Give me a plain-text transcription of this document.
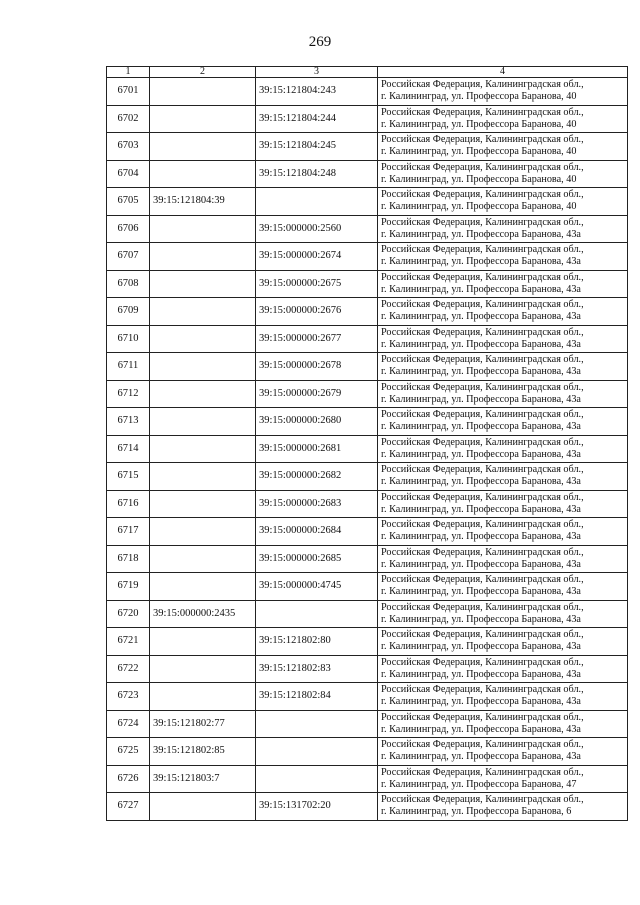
269
1	2	3	4
6701		39:15:121804:243	Российская Федерация, Калининградская обл.,
г. Калининград, ул. Профессора Баранова, 40

6702		39:15:121804:244	Российская Федерация, Калининградская обл.,
г. Калининград, ул. Профессора Баранова, 40

6703		39:15:121804:245	Российская Федерация, Калининградская обл.,
г. Калининград, ул. Профессора Баранова, 40

6704		39:15:121804:248	Российская Федерация, Калининградская обл.,
г. Калининград, ул. Профессора Баранова, 40

6705	39:15:121804:39		Российская Федерация, Калининградская обл.,
г. Калининград, ул. Профессора Баранова, 40

6706		39:15:000000:2560	Российская Федерация, Калининградская обл.,
г. Калининград, ул. Профессора Баранова, 43а

6707		39:15:000000:2674	Российская Федерация, Калининградская обл.,
г. Калининград, ул. Профессора Баранова, 43а

6708		39:15:000000:2675	Российская Федерация, Калининградская обл.,
г. Калининград, ул. Профессора Баранова, 43а

6709		39:15:000000:2676	Российская Федерация, Калининградская обл.,
г. Калининград, ул. Профессора Баранова, 43а

6710		39:15:000000:2677	Российская Федерация, Калининградская обл.,
г. Калининград, ул. Профессора Баранова, 43а

6711		39:15:000000:2678	Российская Федерация, Калининградская обл.,
г. Калининград, ул. Профессора Баранова, 43а

6712		39:15:000000:2679	Российская Федерация, Калининградская обл.,
г. Калининград, ул. Профессора Баранова, 43а

6713		39:15:000000:2680	Российская Федерация, Калининградская обл.,
г. Калининград, ул. Профессора Баранова, 43а

6714		39:15:000000:2681	Российская Федерация, Калининградская обл.,
г. Калининград, ул. Профессора Баранова, 43а

6715		39:15:000000:2682	Российская Федерация, Калининградская обл.,
г. Калининград, ул. Профессора Баранова, 43а

6716		39:15:000000:2683	Российская Федерация, Калининградская обл.,
г. Калининград, ул. Профессора Баранова, 43а

6717		39:15:000000:2684	Российская Федерация, Калининградская обл.,
г. Калининград, ул. Профессора Баранова, 43а

6718		39:15:000000:2685	Российская Федерация, Калининградская обл.,
г. Калининград, ул. Профессора Баранова, 43а

6719		39:15:000000:4745	Российская Федерация, Калининградская обл.,
г. Калининград, ул. Профессора Баранова, 43а

6720	39:15:000000:2435		Российская Федерация, Калининградская обл.,
г. Калининград, ул. Профессора Баранова, 43а

6721		39:15:121802:80	Российская Федерация, Калининградская обл.,
г. Калининград, ул. Профессора Баранова, 43а

6722		39:15:121802:83	Российская Федерация, Калининградская обл.,
г. Калининград, ул. Профессора Баранова, 43а

6723		39:15:121802:84	Российская Федерация, Калининградская обл.,
г. Калининград, ул. Профессора Баранова, 43а

6724	39:15:121802:77		Российская Федерация, Калининградская обл.,
г. Калининград, ул. Профессора Баранова, 43а

6725	39:15:121802:85		Российская Федерация, Калининградская обл.,
г. Калининград, ул. Профессора Баранова, 43а

6726	39:15:121803:7		Российская Федерация, Калининградская обл.,
г. Калининград, ул. Профессора Баранова, 47

6727		39:15:131702:20	Российская Федерация, Калининградская обл.,
г. Калининград, ул. Профессора Баранова, 6
